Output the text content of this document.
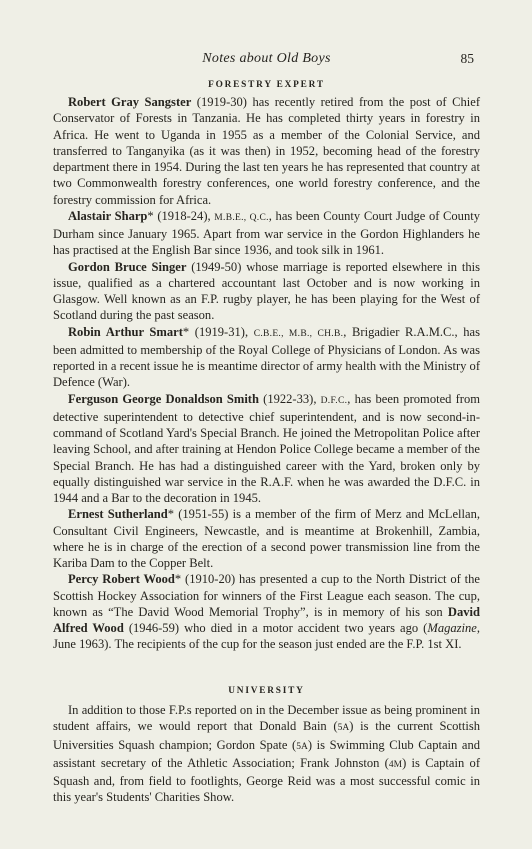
Notes about Old Boys	85
FORESTRY EXPERT

Robert Gray Sangster (1919-30) has recently retired from the post of Chief Conservator of Forests in Tanzania. He has completed thirty years in forestry in Africa. He went to Uganda in 1955 as a member of the Colonial Service, and transferred to Tanganyika (as it was then) in 1952, becoming head of the forestry department there in 1954. During the last ten years he has represented that country at two Commonwealth forestry conferences, one world forestry conference, and the forestry commission for Africa.

Alastair Sharp* (1918-24), M.B.E., Q.C., has been County Court Judge of County Durham since January 1965. Apart from war service in the Gordon Highlanders he has practised at the English Bar since 1936, and took silk in 1961.

Gordon Bruce Singer (1949-50) whose marriage is reported elsewhere in this issue, qualified as a chartered accountant last October and is now working in Glasgow. Well known as an F.P. rugby player, he has been playing for the West of Scotland during the past season.

Robin Arthur Smart* (1919-31), C.B.E., M.B., CH.B., Brigadier R.A.M.C., has been admitted to membership of the Royal College of Physicians of London. As was reported in a recent issue he is meantime director of army health with the Ministry of Defence (War).

Ferguson George Donaldson Smith (1922-33), D.F.C., has been promoted from detective superintendent to detective chief superintendent, and is now second-in-command of Scotland Yard's Special Branch. He joined the Metropolitan Police after leaving School, and after training at Hendon Police College became a member of the Special Branch. He has had a distinguished career with the Yard, broken only by equally distinguished war service in the R.A.F. when he was awarded the D.F.C. in 1944 and a Bar to the decoration in 1945.

Ernest Sutherland* (1951-55) is a member of the firm of Merz and McLellan, Consultant Civil Engineers, Newcastle, and is meantime at Brokenhill, Zambia, where he is in charge of the erection of a second power transmission line from the Kariba Dam to the Copper Belt.

Percy Robert Wood* (1910-20) has presented a cup to the North District of the Scottish Hockey Association for winners of the First League each season. The cup, known as “The David Wood Memorial Trophy”, is in memory of his son David Alfred Wood (1946-59) who died in a motor accident two years ago (Magazine, June 1963). The recipients of the cup for the season just ended are the F.P. 1st XI.

UNIVERSITY

In addition to those F.P.s reported on in the December issue as being prominent in student affairs, we would report that Donald Bain (5A) is the current Scottish Universities Squash champion; Gordon Spate (5A) is Swimming Club Captain and assistant secretary of the Athletic Association; Frank Johnston (4M) is Captain of Squash and, from field to footlights, George Reid was a most successful comic in this year's Students' Charities Show.
